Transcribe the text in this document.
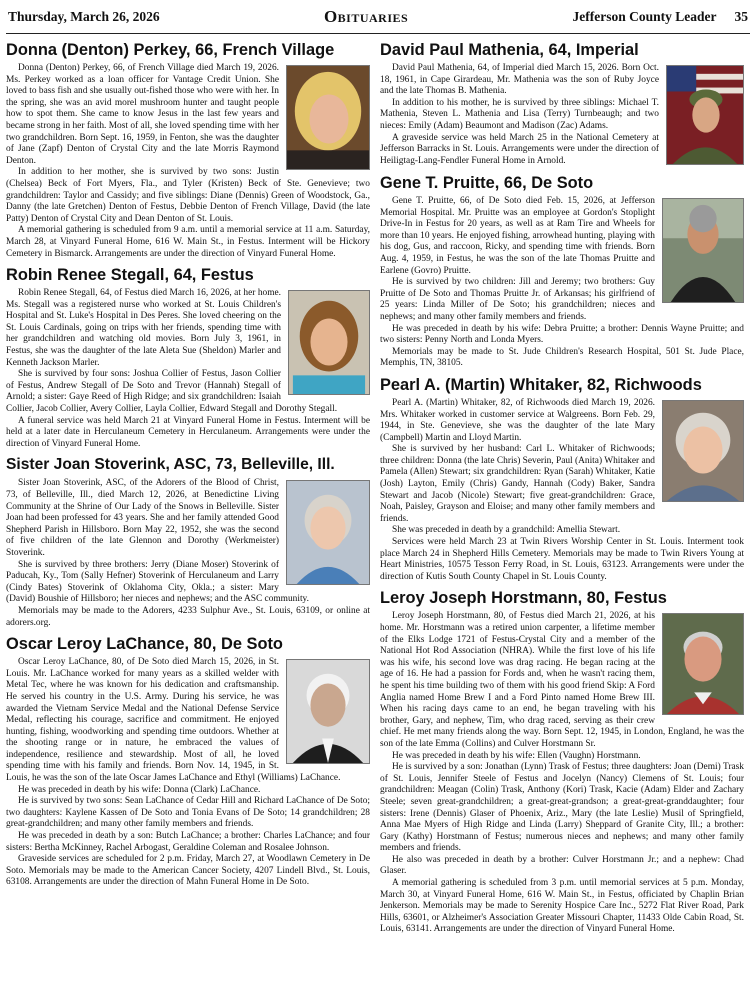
Thursday, March 26, 2026	Obituaries	Jefferson County Leader 35
Donna (Denton) Perkey, 66, French Village

Donna (Denton) Perkey, 66, of French Village died March 19, 2026. Ms. Perkey worked as a loan officer for Vantage Credit Union. She loved to bass fish and she usually out-fished those who were with her. In the spring, she was an avid morel mushroom hunter and taught people how to spot them. She came to know Jesus in the last few years and became strong in her faith. Most of all, she loved spending time with her two grandchildren. Born Sept. 16, 1959, in Fenton, she was the daughter of Jane (Zapf) Denton of Crystal City and the late Morris Raymond Denton.

In addition to her mother, she is survived by two sons: Justin (Chelsea) Beck of Fort Myers, Fla., and Tyler (Kristen) Beck of Ste. Genevieve; two grandchildren: Taylor and Cassidy; and five siblings: Diane (Dennis) Green of Woodstock, Ga., Danny (the late Gretchen) Denton of Festus, Debbie Denton of French Village, David (the late Patty) Denton of Crystal City and Dean Denton of St. Louis.

A memorial gathering is scheduled from 9 a.m. until a memorial service at 11 a.m. Saturday, March 28, at Vinyard Funeral Home, 616 W. Main St., in Festus. Interment will be Hickory Cemetery in Bismarck. Arrangements are under the direction of Vinyard Funeral Home.

Robin Renee Stegall, 64, Festus

Robin Renee Stegall, 64, of Festus died March 16, 2026, at her home. Ms. Stegall was a registered nurse who worked at St. Louis Children's Hospital and St. Luke's Hospital in Des Peres. She loved cheering on the St. Louis Cardinals, going on trips with her friends, spending time with her grandchildren and watching old movies. Born July 3, 1961, in Festus, she was the daughter of the late Aleta Sue (Sheldon) Marler and Kenneth Jackson Marler.

She is survived by four sons: Joshua Collier of Festus, Jason Collier of Festus, Andrew Stegall of De Soto and Trevor (Hannah) Stegall of Arnold; a sister: Gaye Reed of High Ridge; and six grandchildren: Isaiah Collier, Jacob Collier, Avery Collier, Layla Collier, Edward Stegall and Dorothy Stegall.

A funeral service was held March 21 at Vinyard Funeral Home in Festus. Interment will be held at a later date in Herculaneum Cemetery in Herculaneum. Arrangements were under the direction of Vinyard Funeral Home.

Sister Joan Stoverink, ASC, 73, Belleville, Ill.

Sister Joan Stoverink, ASC, of the Adorers of the Blood of Christ, 73, of Belleville, Ill., died March 12, 2026, at Benedictine Living Community at the Shrine of Our Lady of the Snows in Belleville. Sister Joan had been professed for 43 years. She and her family attended Good Shepherd Parish in Hillsboro. Born May 22, 1952, she was the second of five children of the late Glennon and Dorothy (Werkmeister) Stoverink.

She is survived by three brothers: Jerry (Diane Moser) Stoverink of Paducah, Ky., Tom (Sally Hefner) Stoverink of Herculaneum and Larry (Cindy Bates) Stoverink of Oklahoma City, Okla.; a sister: Mary (David) Boushie of Hillsboro; her nieces and nephews; and the ASC community.

Memorials may be made to the Adorers, 4233 Sulphur Ave., St. Louis, 63109, or online at adorers.org.

Oscar Leroy LaChance, 80, De Soto

Oscar Leroy LaChance, 80, of De Soto died March 15, 2026, in St. Louis. Mr. LaChance worked for many years as a skilled welder with Metal Tec, where he was known for his dedication and craftsmanship. He served his country in the U.S. Army. During his service, he was awarded the Vietnam Service Medal and the National Defense Service Medal, reflecting his courage, sacrifice and commitment. He enjoyed hunting, fishing, woodworking and spending time outdoors. Whether at the shooting range or in nature, he embraced the values of independence, resilience and stewardship. Most of all, he loved spending time with his family and friends. Born Nov. 14, 1945, in St. Louis, he was the son of the late Oscar James LaChance and Ethyl (Williams) LaChance.

He was preceded in death by his wife: Donna (Clark) LaChance.

He is survived by two sons: Sean LaChance of Cedar Hill and Richard LaChance of De Soto; two daughters: Kaylene Kassen of De Soto and Tonia Evans of De Soto; 14 grandchildren; 28 great-grandchildren; and many other family members and friends.

He was preceded in death by a son: Butch LaChance; a brother: Charles LaChance; and four sisters: Bertha McKinney, Rachel Arbogast, Geraldine Coleman and Rosalee Johnson.

Graveside services are scheduled for 2 p.m. Friday, March 27, at Woodlawn Cemetery in De Soto. Memorials may be made to the American Cancer Society, 4207 Lindell Blvd., St. Louis, 63108. Arrangements are under the direction of Mahn Funeral Home in De Soto.

David Paul Mathenia, 64, Imperial

David Paul Mathenia, 64, of Imperial died March 15, 2026. Born Oct. 18, 1961, in Cape Girardeau, Mr. Mathenia was the son of Ruby Joyce and the late Thomas B. Mathenia.

In addition to his mother, he is survived by three siblings: Michael T. Mathenia, Steven L. Mathenia and Lisa (Terry) Turnbeaugh; and two nieces: Emily (Adam) Beaumont and Madison (Zac) Adams.

A graveside service was held March 25 in the National Cemetery at Jefferson Barracks in St. Louis. Arrangements were under the direction of Heiligtag-Lang-Fendler Funeral Home in Arnold.

Gene T. Pruitte, 66, De Soto

Gene T. Pruitte, 66, of De Soto died Feb. 15, 2026, at Jefferson Memorial Hospital. Mr. Pruitte was an employee at Gordon's Stoplight Drive-In in Festus for 20 years, as well as at Ram Tire and Wheels for more than 10 years. He enjoyed fishing, arrowhead hunting, playing with his dog, Gus, and raccoon, Ricky, and spending time with friends. Born Aug. 4, 1959, in Festus, he was the son of the late Thomas Pruitte and Earlene (Govro) Pruitte.

He is survived by two children: Jill and Jeremy; two brothers: Guy Pruitte of De Soto and Thomas Pruitte Jr. of Arkansas; his girlfriend of 25 years: Linda Miller of De Soto; his grandchildren; nieces and nephews; and many other family members and friends.

He was preceded in death by his wife: Debra Pruitte; a brother: Dennis Wayne Pruitte; and two sisters: Penny North and Londa Myers.

Memorials may be made to St. Jude Children's Research Hospital, 501 St. Jude Place, Memphis, TN, 38105.

Pearl A. (Martin) Whitaker, 82, Richwoods

Pearl A. (Martin) Whitaker, 82, of Richwoods died March 19, 2026. Mrs. Whitaker worked in customer service at Walgreens. Born Feb. 29, 1944, in Ste. Genevieve, she was the daughter of the late Mary (Campbell) Martin and Lloyd Martin.

She is survived by her husband: Carl L. Whitaker of Richwoods; three children: Donna (the late Chris) Severin, Paul (Anita) Whitaker and Pamela (Allen) Stewart; six grandchildren: Ryan (Sarah) Whitaker, Katie (Josh) Layton, Emily (Chris) Gandy, Hannah (Cody) Baker, Sandra Stewart and Jacob (Nicole) Stewart; five great-grandchildren: Grace, Noah, Paisley, Grayson and Eloise; and many other family members and friends.

She was preceded in death by a grandchild: Amellia Stewart.

Services were held March 23 at Twin Rivers Worship Center in St. Louis. Interment took place March 24 in Shepherd Hills Cemetery. Memorials may be made to Twin Rivers Young at Heart Ministries, 10575 Tesson Ferry Road, in St. Louis, 63123. Arrangements were under the direction of Kutis South County Chapel in St. Louis County.

Leroy Joseph Horstmann, 80, Festus

Leroy Joseph Horstmann, 80, of Festus died March 21, 2026, at his home. Mr. Horstmann was a retired union carpenter, a lifetime member of the Elks Lodge 1721 of Festus-Crystal City and a member of the National Hot Rod Association (NHRA). While the first love of his life was his wife, his second love was drag racing. He began racing at the age of 16. He had a passion for Fords and, when he wasn't racing them, he spent his time building two of them with his good friend Skip: A Ford Anglia named Home Brew I and a Ford Pinto named Home Brew III. When his racing days came to an end, he began traveling with his brother, Gary, and nephew, Tim, who drag raced, serving as their crew chief. He met many friends along the way. Born Sept. 12, 1945, in London, England, he was the son of the late Emma (Collins) and Culver Horstmann Sr.

He was preceded in death by his wife: Ellen (Vaughn) Horstmann.

He is survived by a son: Jonathan (Lynn) Trask of Festus; three daughters: Joan (Demi) Trask of St. Louis, Jennifer Steele of Festus and Jocelyn (Nancy) Clemens of St. Louis; four grandchildren: Meagan (Colin) Trask, Anthony (Kori) Trask, Kacie (Adam) Elder and Zachary Steele; seven great-grandchildren; a great-great-grandson; a great-great-granddaughter; four sisters: Irene (Dennis) Glaser of Phoenix, Ariz., Mary (the late Leslie) Musil of Springfield, Anna Mae Myers of High Ridge and Linda (Larry) Sheppard of Granite City, Ill.; a brother: Gary (Kathy) Horstmann of Festus; numerous nieces and nephews; and many other family members and friends.

He also was preceded in death by a brother: Culver Horstmann Jr.; and a nephew: Chad Glaser.

A memorial gathering is scheduled from 3 p.m. until memorial services at 5 p.m. Monday, March 30, at Vinyard Funeral Home, 616 W. Main St., in Festus, officiated by Chaplin Brian Jenkerson. Memorials may be made to Serenity Hospice Care Inc., 5272 Flat River Road, Park Hills, 63601, or Alzheimer's Association Greater Missouri Chapter, 11433 Olde Cabin Road, St. Louis, 63141. Arrangements are under the direction of Vinyard Funeral Home.
